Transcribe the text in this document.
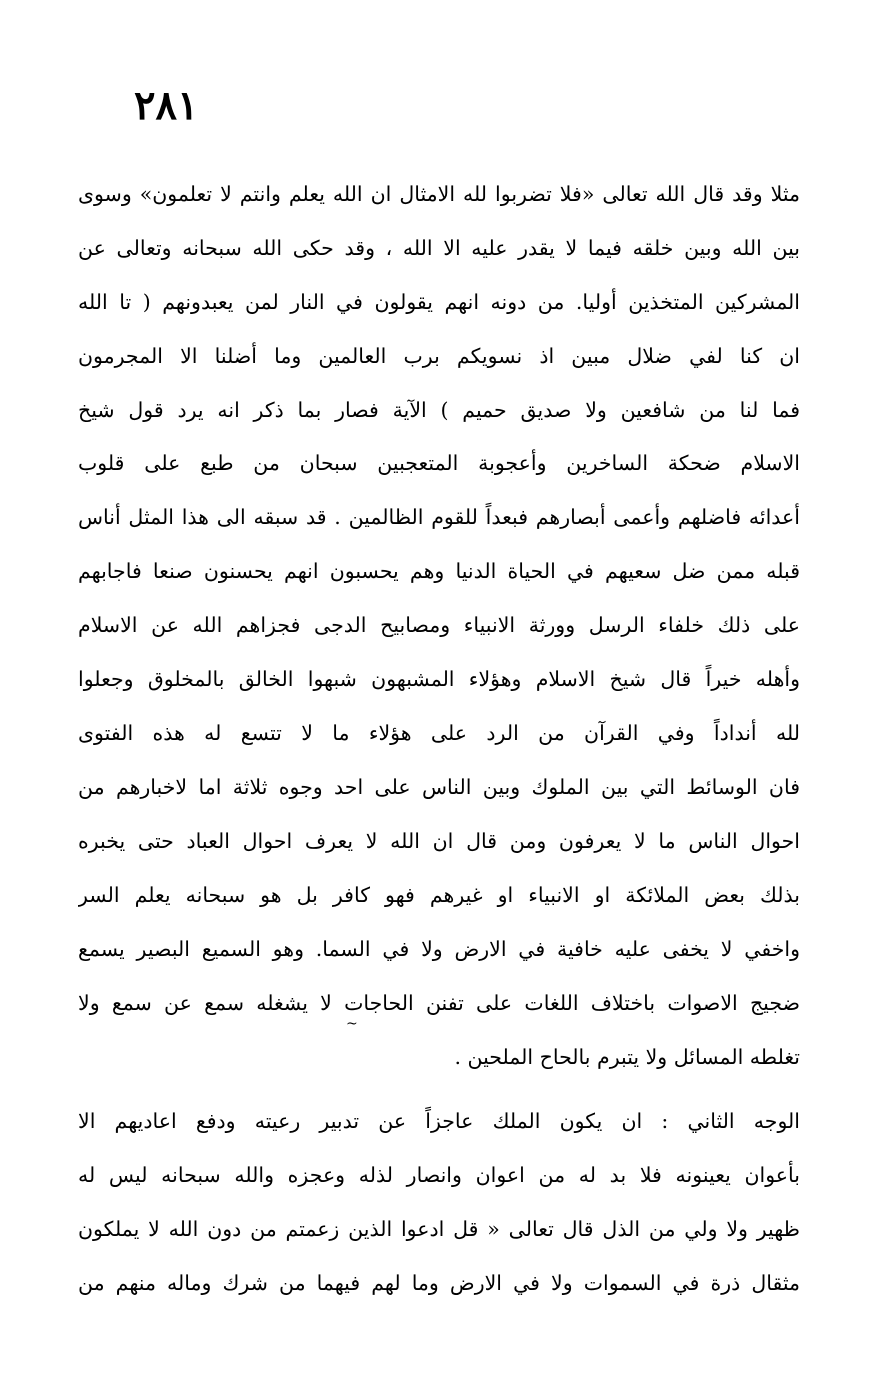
٢٨١
مثلا وقد قال الله تعالى «فلا تضربوا لله الامثال ان الله يعلم وانتم لا تعلمون» وسوى
بين الله وبين خلقه فيما لا يقدر عليه الا الله ، وقد حكى الله سبحانه وتعالى عن
المشركين المتخذين أوليا. من دونه انهم يقولون في النار لمن يعبدونهم ( تا الله
ان كنا لفي ضلال مبين اذ نسويكم برب العالمين وما أضلنا الا المجرمون
فما لنا من شافعين ولا صديق حميم ) الآية فصار بما ذكر انه يرد قول شيخ
الاسلام ضحكة الساخرين وأعجوبة المتعجبين سبحان من طبع على قلوب
أعدائه فاضلهم وأعمى أبصارهم فبعداً للقوم الظالمين . قد سبقه الى هذا المثل أناس
قبله ممن ضل سعيهم في الحياة الدنيا وهم يحسبون انهم يحسنون صنعا فاجابهم
على ذلك خلفاء الرسل وورثة الانبياء ومصابيح الدجى فجزاهم الله عن الاسلام
وأهله خيراً قال شيخ الاسلام وهؤلاء المشبهون شبهوا الخالق بالمخلوق وجعلوا
لله أنداداً وفي القرآن من الرد على هؤلاء ما لا تتسع له هذه الفتوى
فان الوسائط التي بين الملوك وبين الناس على احد وجوه ثلاثة اما لاخبارهم من
احوال الناس ما لا يعرفون ومن قال ان الله لا يعرف احوال العباد حتى يخبره
بذلك بعض الملائكة او الانبياء او غيرهم فهو كافر بل هو سبحانه يعلم السر
واخفي لا يخفى عليه خافية في الارض ولا في السما. وهو السميع البصير يسمع
ضجيج الاصوات باختلاف اللغات على تفنن الحاجات لا يشغله سمع عن سمع ولا
تغلطه المسائل ولا يتبرم بالحاح الملحين .
~
الوجه الثاني : ان يكون الملك عاجزاً عن تدبير رعيته ودفع اعاديهم الا
بأعوان يعينونه فلا بد له من اعوان وانصار لذله وعجزه والله سبحانه ليس له
ظهير ولا ولي من الذل قال تعالى « قل ادعوا الذين زعمتم من دون الله لا يملكون
مثقال ذرة في السموات ولا في الارض وما لهم فيهما من شرك وماله منهم من
